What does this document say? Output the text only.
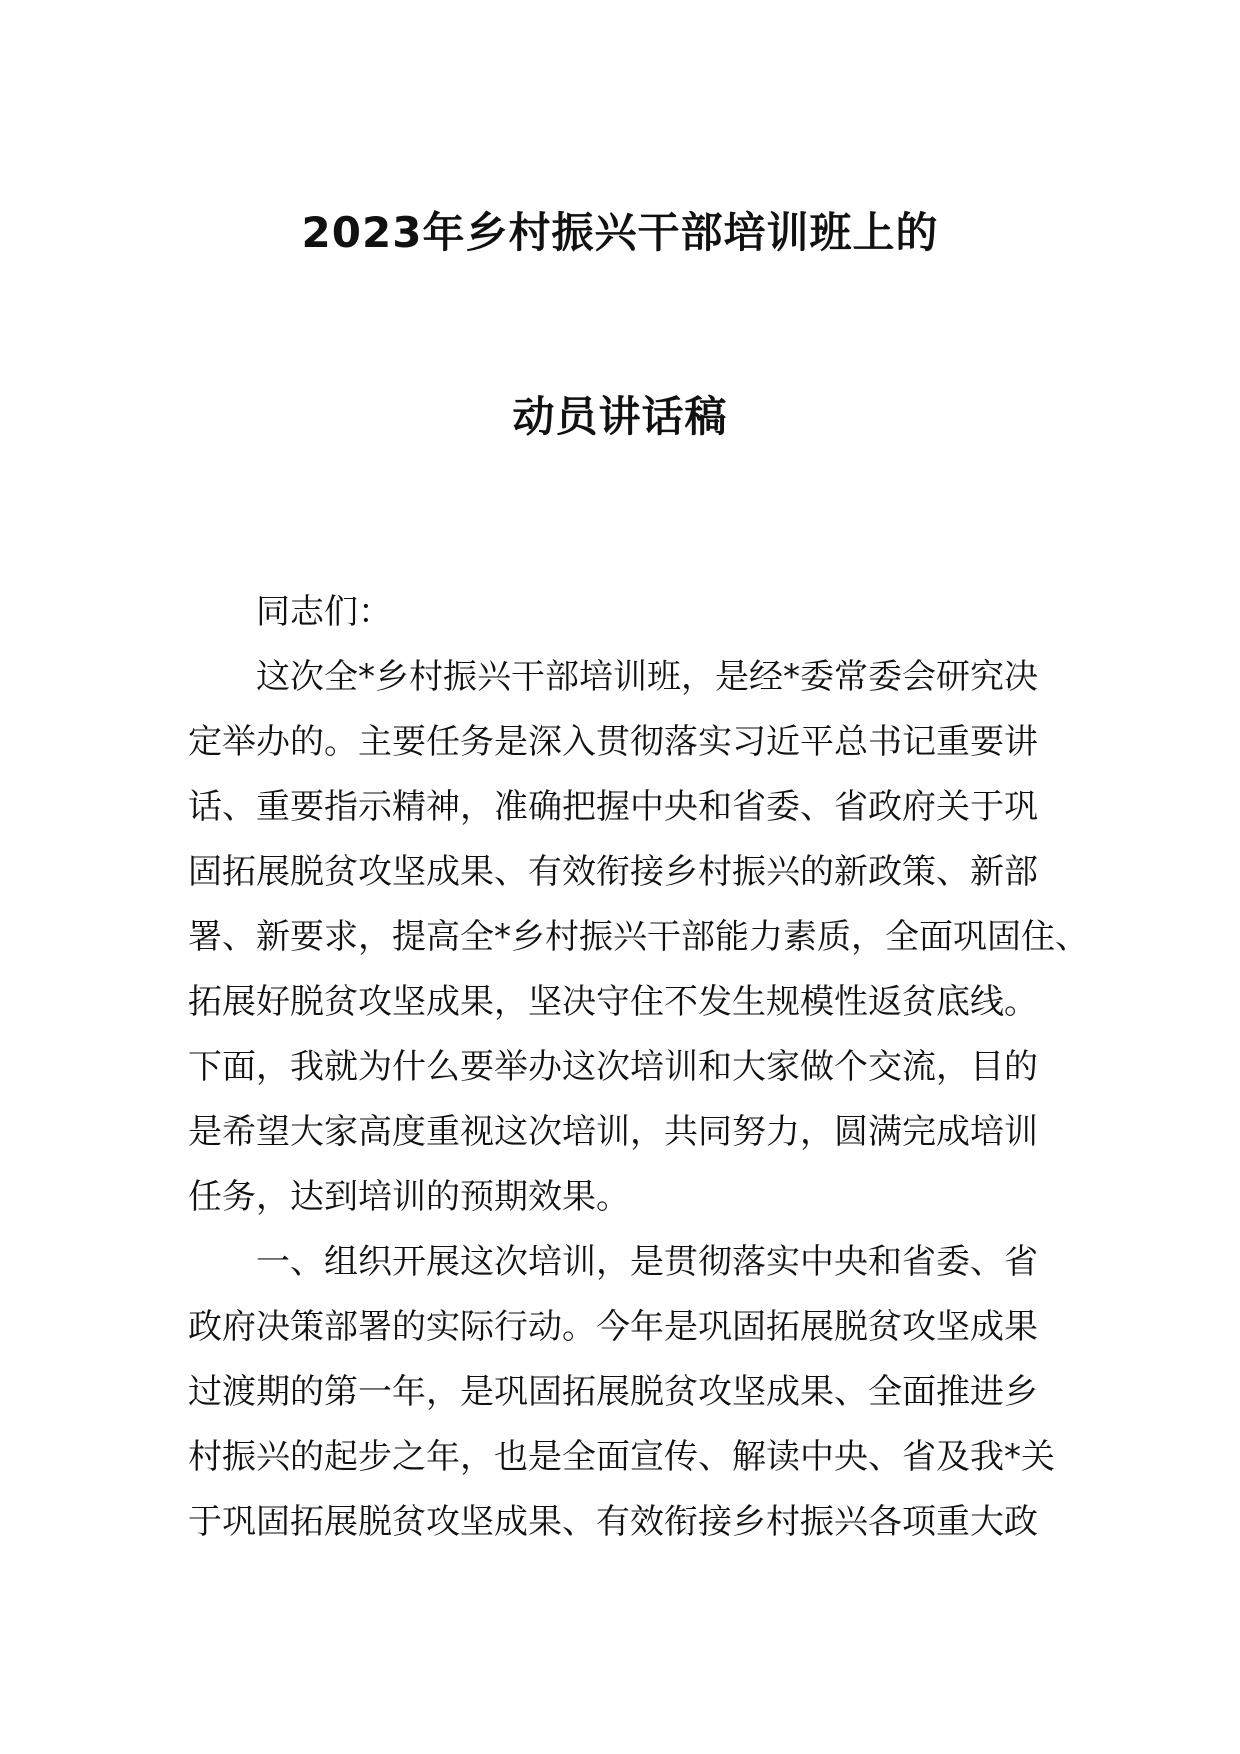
2023年乡村振兴干部培训班上的
动员讲话稿
同志们：
这次全*乡村振兴干部培训班，是经*委常委会研究决
定举办的。主要任务是深入贯彻落实习近平总书记重要讲
话、重要指示精神，准确把握中央和省委、省政府关于巩
固拓展脱贫攻坚成果、有效衔接乡村振兴的新政策、新部
署、新要求，提高全*乡村振兴干部能力素质，全面巩固住、
拓展好脱贫攻坚成果，坚决守住不发生规模性返贫底线。
下面，我就为什么要举办这次培训和大家做个交流，目的
是希望大家高度重视这次培训，共同努力，圆满完成培训
任务，达到培训的预期效果。
一、组织开展这次培训，是贯彻落实中央和省委、省
政府决策部署的实际行动。今年是巩固拓展脱贫攻坚成果
过渡期的第一年，是巩固拓展脱贫攻坚成果、全面推进乡
村振兴的起步之年，也是全面宣传、解读中央、省及我*关
于巩固拓展脱贫攻坚成果、有效衔接乡村振兴各项重大政
